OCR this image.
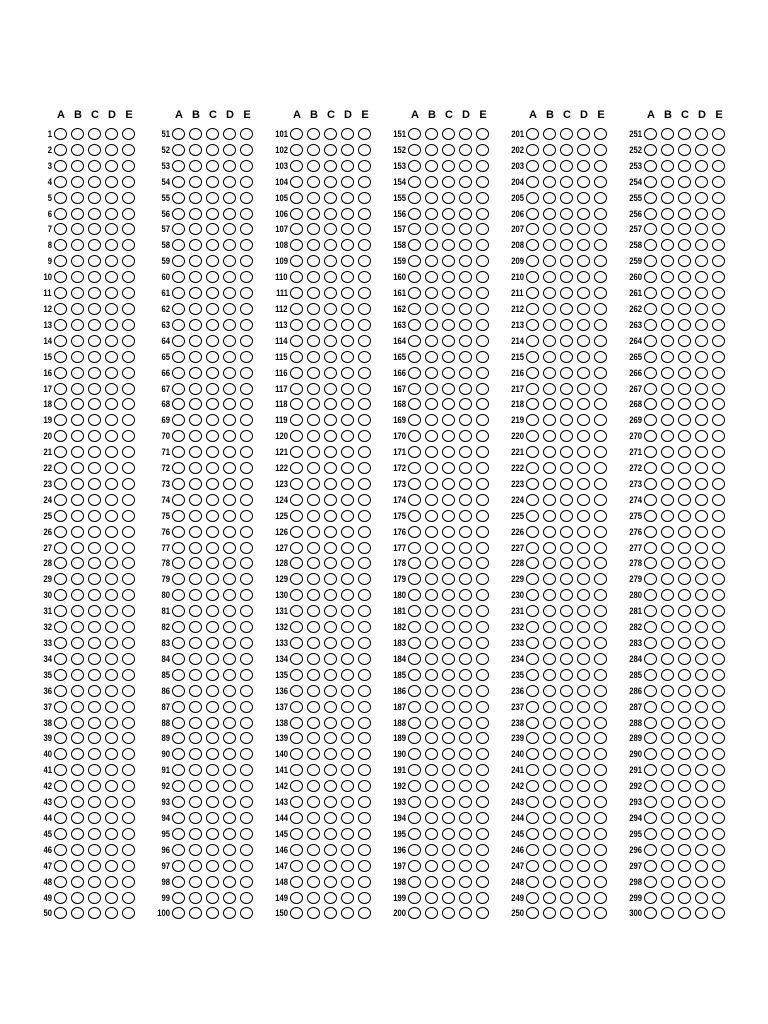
A B C D E
1
2
3
4
5
6
7
8
9
10
11
12
13
14
15
16
17
18
19
20
21
22
23
24
25
26
27
28
29
30
31
32
33
34
35
36
37
38
39
40
41
42
43
44
45
46
47
48
49
50
A B C D E
51
52
53
54
55
56
57
58
59
60
61
62
63
64
65
66
67
68
69
70
71
72
73
74
75
76
77
78
79
80
81
82
83
84
85
86
87
88
89
90
91
92
93
94
95
96
97
98
99
100
A B C D E
101
102
103
104
105
106
107
108
109
110
111
112
113
114
115
116
117
118
119
120
121
122
123
124
125
126
127
128
129
130
131
132
133
134
135
136
137
138
139
140
141
142
143
144
145
146
147
148
149
150
A B C D E
151
152
153
154
155
156
157
158
159
160
161
162
163
164
165
166
167
168
169
170
171
172
173
174
175
176
177
178
179
180
181
182
183
184
185
186
187
188
189
190
191
192
193
194
195
196
197
198
199
200
A B C D E
201
202
203
204
205
206
207
208
209
210
211
212
213
214
215
216
217
218
219
220
221
222
223
224
225
226
227
228
229
230
231
232
233
234
235
236
237
238
239
240
241
242
243
244
245
246
247
248
249
250
A B C D E
251
252
253
254
255
256
257
258
259
260
261
262
263
264
265
266
267
268
269
270
271
272
273
274
275
276
277
278
279
280
281
282
283
284
285
286
287
288
289
290
291
292
293
294
295
296
297
298
299
300
